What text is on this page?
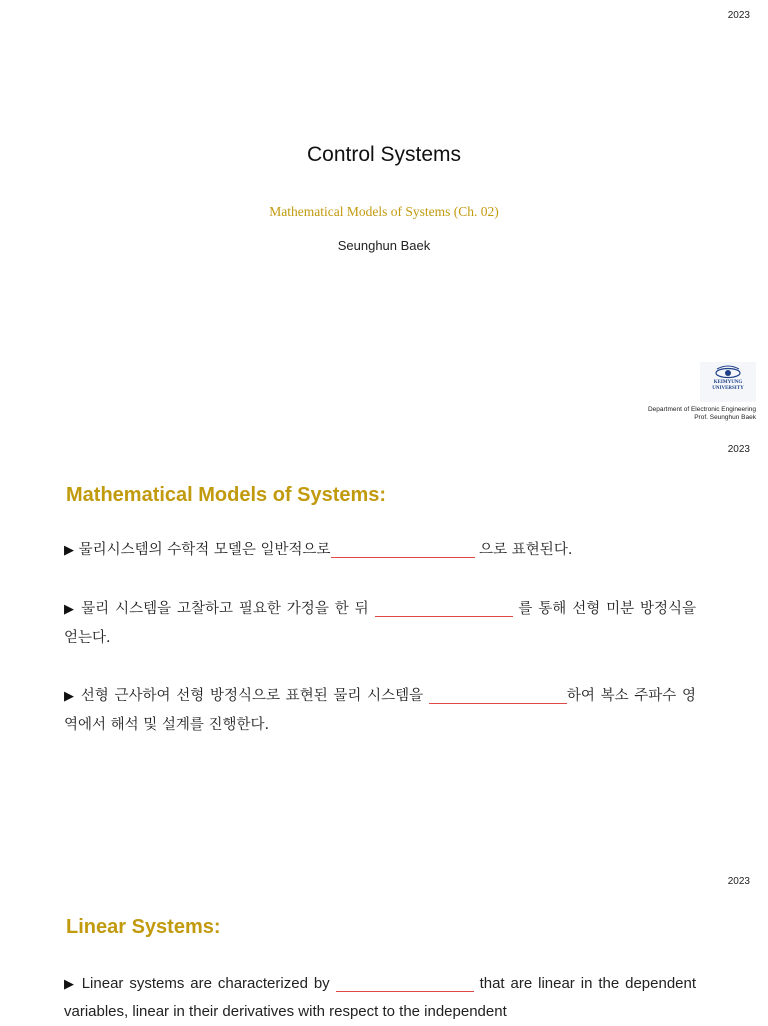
2023
Control Systems
Mathematical Models of Systems (Ch. 02)
Seunghun Baek
KEIMYUNG
UNIVERSITY
Department of Electronic Engineering
Prof. Seunghun Baek
2023
Mathematical Models of Systems:
▶ 물리시스템의 수학적 모델은 일반적으로	으로 표현된다.
▶ 물리 시스템을 고찰하고 필요한 가정을 한 뒤	를 통해 선형 미분 방정식을 얻는다.
▶ 선형 근사하여 선형 방정식으로 표현된 물리 시스템을	하여 복소 주파수 영역에서 해석 및 설계를 진행한다.
2023
Linear Systems:
▶ Linear systems are characterized by	that are linear in the dependent variables, linear in their derivatives with respect to the independent
